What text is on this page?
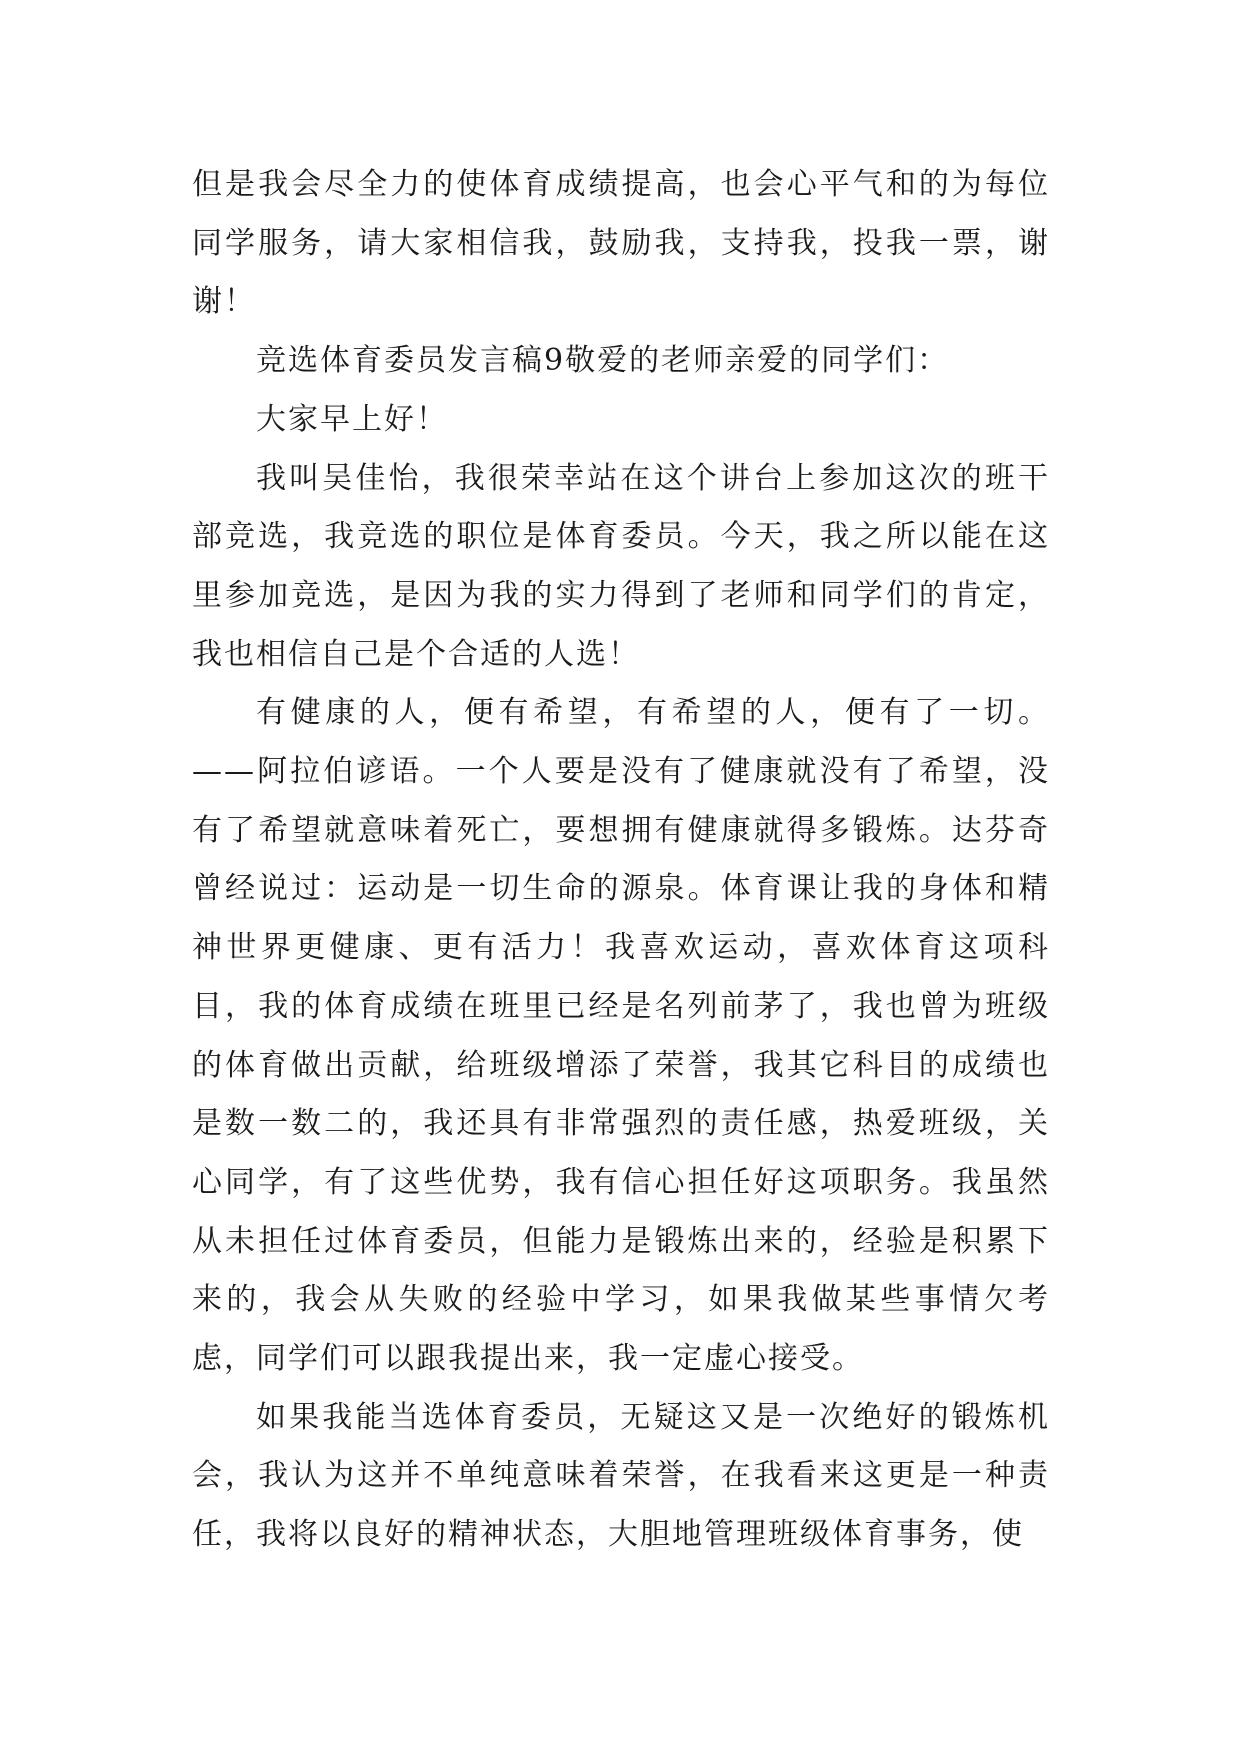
但是我会尽全力的使体育成绩提高，也会心平气和的为每位同学服务，请大家相信我，鼓励我，支持我，投我一票，谢谢！

竞选体育委员发言稿9敬爱的老师亲爱的同学们：

大家早上好！

我叫吴佳怡，我很荣幸站在这个讲台上参加这次的班干部竞选，我竞选的职位是体育委员。今天，我之所以能在这里参加竞选，是因为我的实力得到了老师和同学们的肯定，我也相信自己是个合适的人选！

有健康的人，便有希望，有希望的人，便有了一切。——阿拉伯谚语。一个人要是没有了健康就没有了希望，没有了希望就意味着死亡，要想拥有健康就得多锻炼。达芬奇曾经说过：运动是一切生命的源泉。体育课让我的身体和精神世界更健康、更有活力！我喜欢运动，喜欢体育这项科目，我的体育成绩在班里已经是名列前茅了，我也曾为班级的体育做出贡献，给班级增添了荣誉，我其它科目的成绩也是数一数二的，我还具有非常强烈的责任感，热爱班级，关心同学，有了这些优势，我有信心担任好这项职务。我虽然从未担任过体育委员，但能力是锻炼出来的，经验是积累下来的，我会从失败的经验中学习，如果我做某些事情欠考虑，同学们可以跟我提出来，我一定虚心接受。

如果我能当选体育委员，无疑这又是一次绝好的锻炼机会，我认为这并不单纯意味着荣誉，在我看来这更是一种责任，我将以良好的精神状态，大胆地管理班级体育事务，使
